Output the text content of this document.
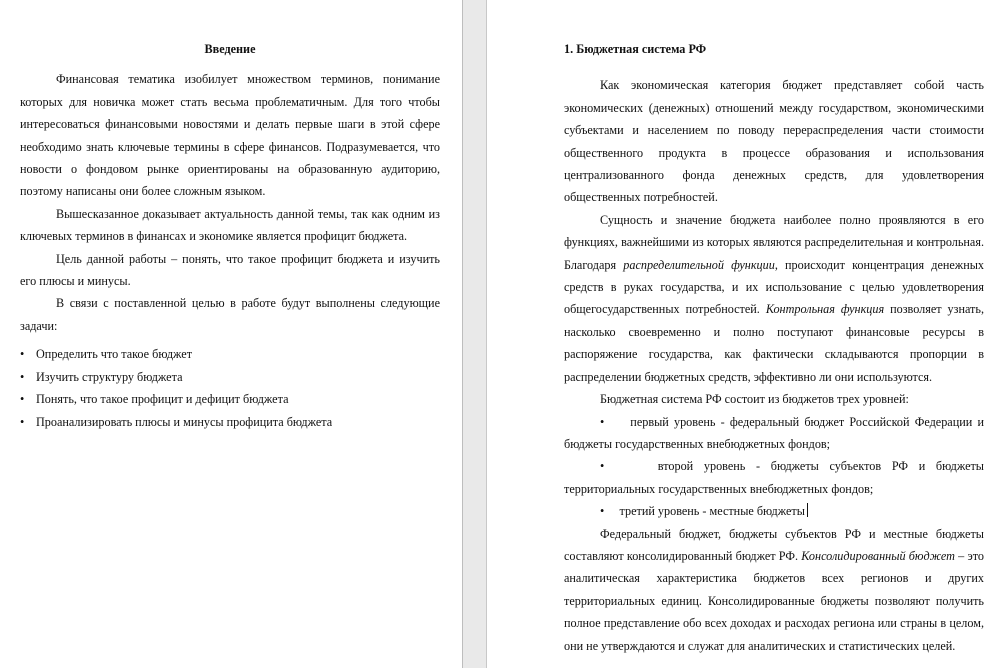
Введение

Финансовая тематика изобилует множеством терминов, понимание которых для новичка может стать весьма проблематичным. Для того чтобы интересоваться финансовыми новостями и делать первые шаги в этой сфере необходимо знать ключевые термины в сфере финансов. Подразумевается, что новости о фондовом рынке ориентированы на образованную аудиторию, поэтому написаны они более сложным языком.

Вышесказанное доказывает актуальность данной темы, так как одним из ключевых терминов в финансах и экономике является профицит бюджета.

Цель данной работы – понять, что такое профицит бюджета и изучить его плюсы и минусы.

В связи с поставленной целью в работе будут выполнены следующие задачи:

• Определить что такое бюджет
• Изучить структуру бюджета
• Понять, что такое профицит и дефицит бюджета
• Проанализировать плюсы и минусы профицита бюджета
1. Бюджетная система РФ

Как экономическая категория бюджет представляет собой часть экономических (денежных) отношений между государством, экономическими субъектами и населением по поводу перераспределения части стоимости общественного продукта в процессе образования и использования централизованного фонда денежных средств, для удовлетворения общественных потребностей.

Сущность и значение бюджета наиболее полно проявляются в его функциях, важнейшими из которых являются распределительная и контрольная. Благодаря распределительной функции, происходит концентрация денежных средств в руках государства, и их использование с целью удовлетворения общегосударственных потребностей. Контрольная функция позволяет узнать, насколько своевременно и полно поступают финансовые ресурсы в распоряжение государства, как фактически складываются пропорции в распределении бюджетных средств, эффективно ли они используются.

Бюджетная система РФ состоит из бюджетов трех уровней:

• первый уровень - федеральный бюджет Российской Федерации и бюджеты государственных внебюджетных фондов;

•	второй уровень - бюджеты субъектов РФ и бюджеты территориальных государственных внебюджетных фондов;

• третий уровень - местные бюджеты

Федеральный бюджет, бюджеты субъектов РФ и местные бюджеты составляют консолидированный бюджет РФ. Консолидированный бюджет – это аналитическая характеристика бюджетов всех регионов и других территориальных единиц. Консолидированные бюджеты позволяют получить полное представление обо всех доходах и расходах региона или страны в целом, они не утверждаются и служат для аналитических и статистических целей.
